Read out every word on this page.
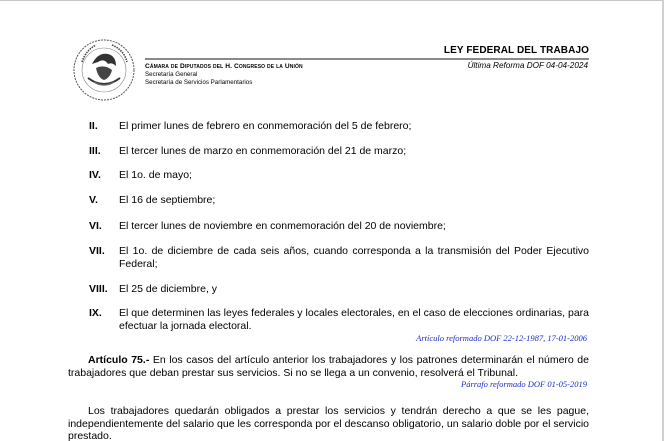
Cámara de Diputados del H. Congreso de la Unión
Secretaría General
Secretaría de Servicios Parlamentarios
LEY FEDERAL DEL TRABAJO
Última Reforma DOF 04-04-2024
II.	El primer lunes de febrero en conmemoración del 5 de febrero;
III.	El tercer lunes de marzo en conmemoración del 21 de marzo;
IV.	El 1o. de mayo;
V.	El 16 de septiembre;
VI.	El tercer lunes de noviembre en conmemoración del 20 de noviembre;
VII.	El 1o. de diciembre de cada seis años, cuando corresponda a la transmisión del Poder Ejecutivo Federal;
VIII.	El 25 de diciembre, y
IX.	El que determinen las leyes federales y locales electorales, en el caso de elecciones ordinarias, para efectuar la jornada electoral.
Artículo reformado DOF 22-12-1987, 17-01-2006
Artículo 75.- En los casos del artículo anterior los trabajadores y los patrones determinarán el número de trabajadores que deban prestar sus servicios. Si no se llega a un convenio, resolverá el Tribunal.
Párrafo reformado DOF 01-05-2019
Los trabajadores quedarán obligados a prestar los servicios y tendrán derecho a que se les pague, independientemente del salario que les corresponda por el descanso obligatorio, un salario doble por el servicio prestado.
